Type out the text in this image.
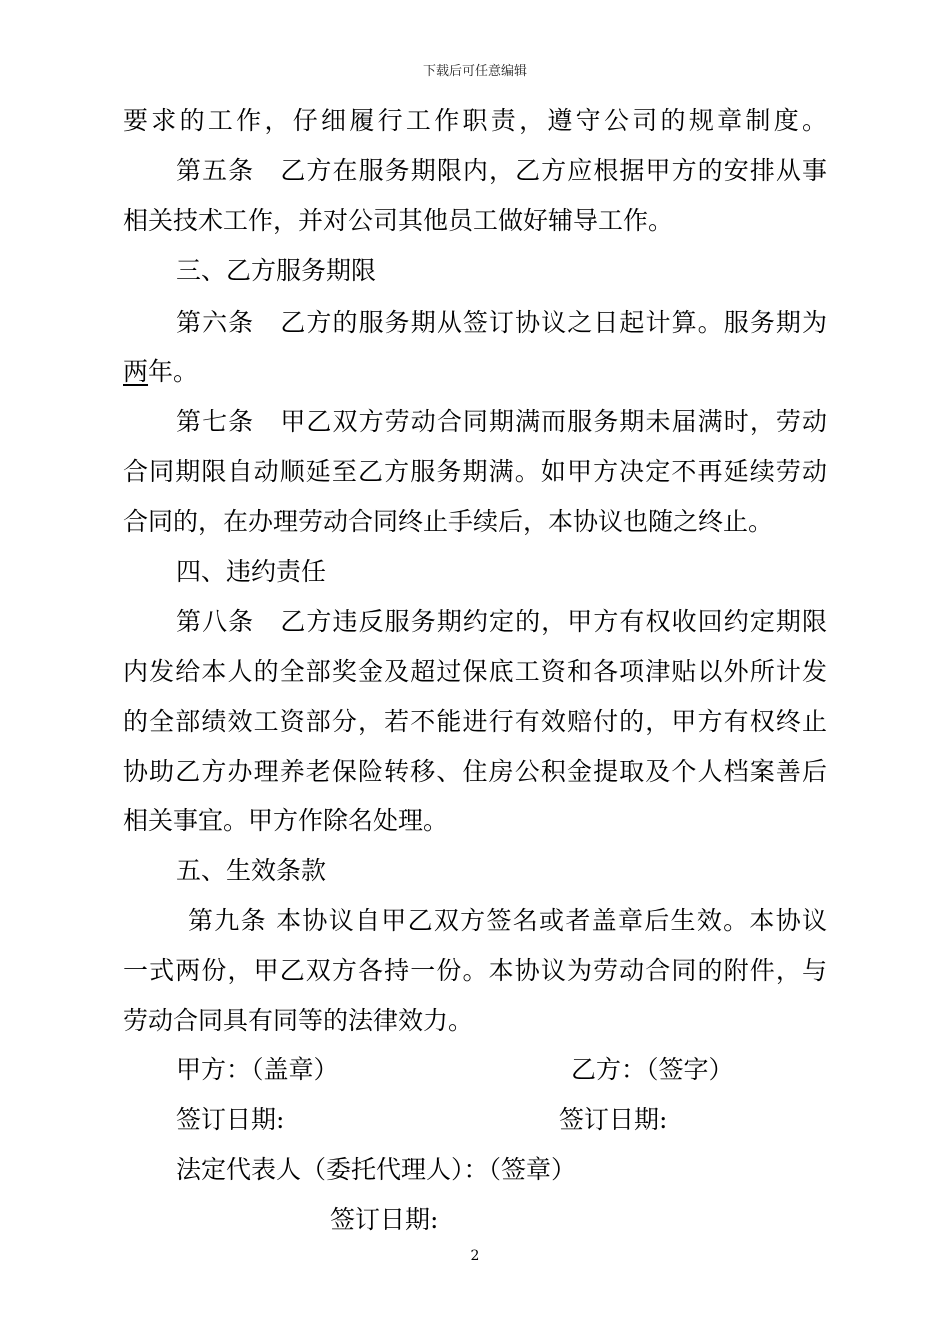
下载后可任意编辑
要求的工作，仔细履行工作职责，遵守公司的规章制度。
第五条　乙方在服务期限内，乙方应根据甲方的安排从事
相关技术工作，并对公司其他员工做好辅导工作。
三、乙方服务期限
第六条　乙方的服务期从签订协议之日起计算。服务期为
两年。
第七条　甲乙双方劳动合同期满而服务期未届满时，劳动
合同期限自动顺延至乙方服务期满。如甲方决定不再延续劳动
合同的，在办理劳动合同终止手续后，本协议也随之终止。
四、违约责任
第八条　乙方违反服务期约定的，甲方有权收回约定期限
内发给本人的全部奖金及超过保底工资和各项津贴以外所计发
的全部绩效工资部分，若不能进行有效赔付的，甲方有权终止
协助乙方办理养老保险转移、住房公积金提取及个人档案善后
相关事宜。甲方作除名处理。
五、生效条款
第九条 本协议自甲乙双方签名或者盖章后生效。本协议
一式两份，甲乙双方各持一份。本协议为劳动合同的附件，与
劳动合同具有同等的法律效力。
甲方：（盖章）	乙方：（签字）
签订日期:	签订日期:
法定代表人（委托代理人）：（签章）
签订日期:
2
